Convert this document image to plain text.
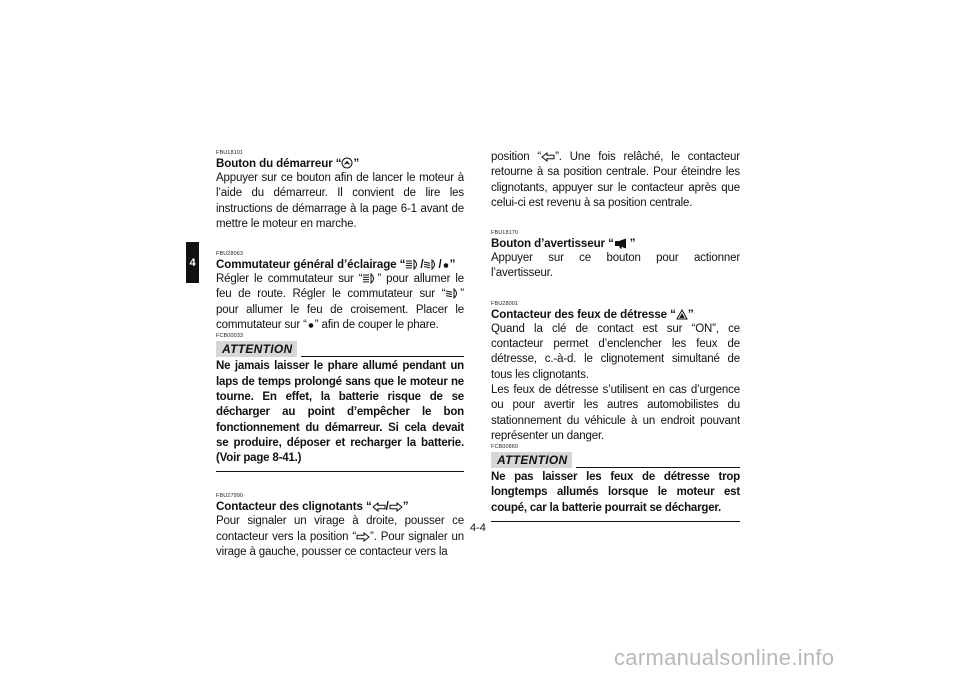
4
FBU18101
Bouton du démarreur “ ”
Appuyer sur ce bouton afin de lancer le moteur à l’aide du démarreur. Il convient de lire les instructions de démarrage à la page 6-1 avant de mettre le moteur en marche.
FBU28063
Commutateur général d’éclairage “ / / ”
Régler le commutateur sur “ ” pour allumer le feu de route. Régler le commutateur sur “ ” pour allumer le feu de croisement. Placer le commutateur sur “ ” afin de couper le phare.
FCB00033
ATTENTION
Ne jamais laisser le phare allumé pendant un laps de temps prolongé sans que le moteur ne tourne. En effet, la batterie risque de se décharger au point d’empêcher le bon fonctionnement du démarreur. Si cela devait se produire, déposer et recharger la batterie. (Voir page 8-41.)
FBU27990
Contacteur des clignotants “ / ”
Pour signaler un virage à droite, pousser ce contacteur vers la position “ ”. Pour signaler un virage à gauche, pousser ce contacteur vers la
position “ ”. Une fois relâché, le contacteur retourne à sa position centrale. Pour éteindre les clignotants, appuyer sur le contacteur après que celui-ci est revenu à sa position centrale.
FBU18170
Bouton d’avertisseur “ ”
Appuyer sur ce bouton pour actionner l’avertisseur.
FBU28001
Contacteur des feux de détresse “ ”
Quand la clé de contact est sur “ON”, ce contacteur permet d’enclencher les feux de détresse, c.-à-d. le clignotement simultané de tous les clignotants.
Les feux de détresse s’utilisent en cas d’urgence ou pour avertir les autres automobilistes du stationnement du véhicule à un endroit pouvant représenter un danger.
FCB00860
ATTENTION
Ne pas laisser les feux de détresse trop longtemps allumés lorsque le moteur est coupé, car la batterie pourrait se décharger.
4-4
carmanualsonline.info
